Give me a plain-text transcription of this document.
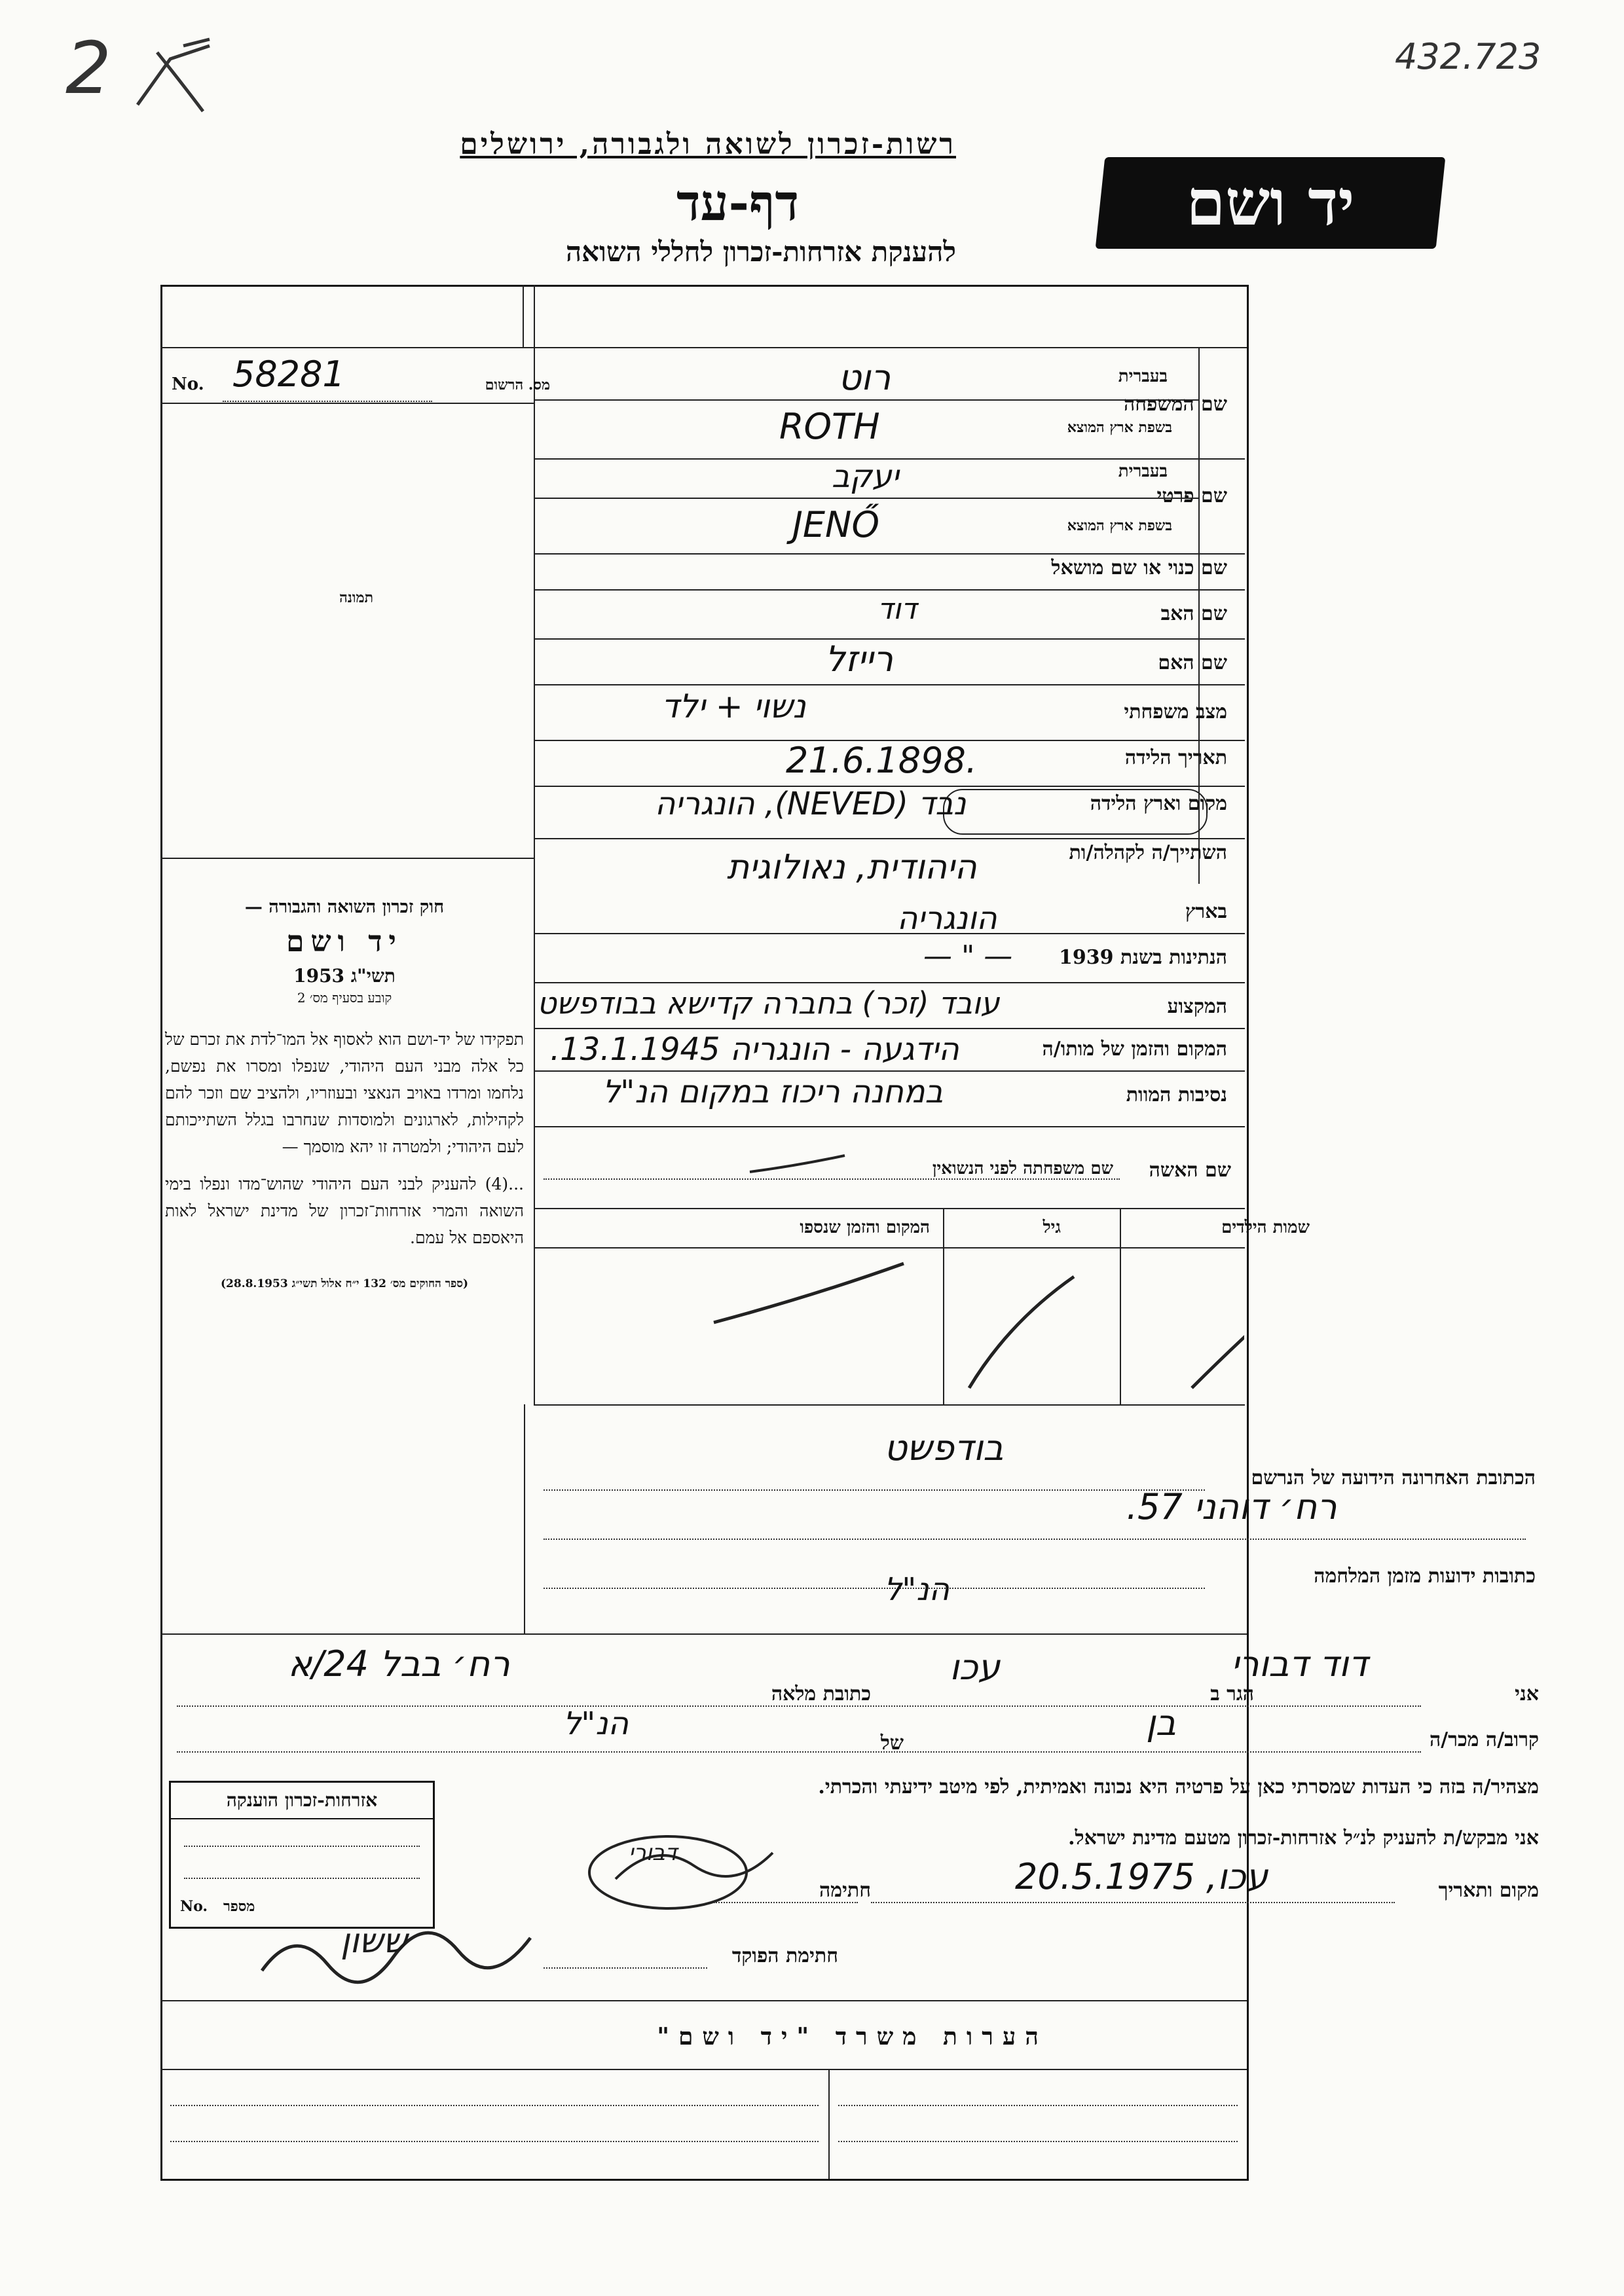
2	432.723
רשות-זכרון לשואה ולגבורה, ירושלים
דף-עד
להענקת אזרחות-זכרון לחללי השואה
יד ושם
מס. הרשום
No. 58281
תמונה
חוק זכרון השואה והגבורה —
יד ושם
תשי"ג 1953
קובע בסעיף מס׳ 2
תפקידו של יד-ושם הוא לאסוף אל המו־לדת את זכרם של כל אלה מבני העם היהודי, שנפלו ומסרו את נפשם, נלחמו ומרדו באויב הנאצי ובעוזריו, ולהציב שם וזכר להם לקהילות, לארגונים ולמוסדות שנחרבו בגלל השתייכותם לעם היהודי; ולמטרה זו יהא מוסמך —
...(4) להעניק לבני העם היהודי שהוש־מדו ונפלו בימי השואה והמרי אזרחות־זכרון של מדינת ישראל לאות היאספם אל עמם.
(ספר החוקים מס׳ 132 י״ח אלול תשי״ג 28.8.1953)
שם המשפחה
בעברית
בשפת ארץ המוצא
רוט
ROTH
שם פרטי
בעברית
בשפת ארץ המוצא
יעקב
JENŐ
שם כנוי או שם מושאל
שם האב
דוד
שם האם
רייזל
מצב משפחתי
נשוי + ילד
תאריך הלידה
21.6.1898.
מקום וארץ הלידה
נבד (NEVED), הונגריה
השתייך/ה לקהלה/ות
היהודית, נאולוגית
בארץ
הונגריה
הנתינות בשנת 1939
— " —
המקצוע
עובד (זכר) בחברה קדישא בבודפשט
המקום והזמן של מותו/ה
הידגעה - הונגריה 13.1.1945.
נסיבות המוות
במחנה ריכוז במקום הנ"ל
שם האשה
שם משפחתה לפני הנשואין
שמות הילדים
גיל
המקום והזמן שנספו
הכתובת האחרונה הידועה של הנרשם
בודפשט
רח׳ דוהני 57.
כתובות ידועות מזמן המלחמה
הנ"ל
אני
דוד דבורי
הגר ב
עכו
כתובת מלאה
רח׳ בבל 24/א
קרוב/ה מכר/ה
בן
של
הנ"ל
מצהיר/ה בזה כי העדות שמסרתי כאן על פרטיה היא נכונה ואמיתית, לפי מיטב ידיעתי והכרתי.
אני מבקש/ת להעניק לנ״ל אזרחות-זכרון מטעם מדינת ישראל.
מקום ותאריך
עכו, 20.5.1975
חתימה
דבורי
חתימת הפוקד
ששון
אזרחות-זכרון הוענקה
No. מספר
הערות משרד "יד ושם"
